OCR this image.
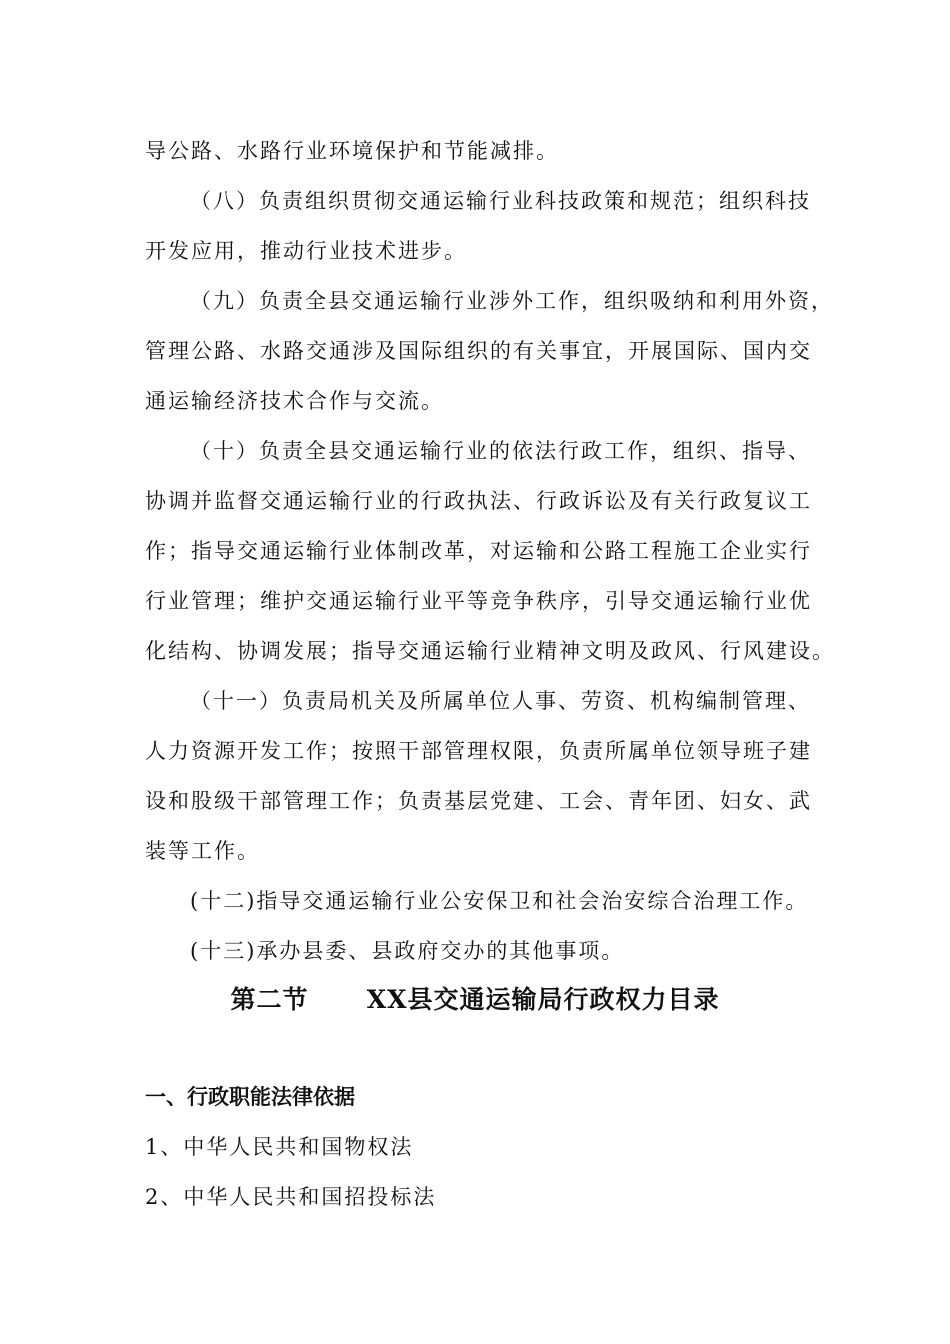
导公路、水路行业环境保护和节能减排。
（八）负责组织贯彻交通运输行业科技政策和规范；组织科技
开发应用，推动行业技术进步。
（九）负责全县交通运输行业涉外工作，组织吸纳和利用外资，
管理公路、水路交通涉及国际组织的有关事宜，开展国际、国内交
通运输经济技术合作与交流。
（十）负责全县交通运输行业的依法行政工作，组织、指导、
协调并监督交通运输行业的行政执法、行政诉讼及有关行政复议工
作；指导交通运输行业体制改革，对运输和公路工程施工企业实行
行业管理；维护交通运输行业平等竞争秩序，引导交通运输行业优
化结构、协调发展；指导交通运输行业精神文明及政风、行风建设。
（十一）负责局机关及所属单位人事、劳资、机构编制管理、
人力资源开发工作；按照干部管理权限，负责所属单位领导班子建
设和股级干部管理工作；负责基层党建、工会、青年团、妇女、武
装等工作。
(十二)指导交通运输行业公安保卫和社会治安综合治理工作。
(十三)承办县委、县政府交办的其他事项。
第二节      XX县交通运输局行政权力目录
一、行政职能法律依据
1、中华人民共和国物权法
2、中华人民共和国招投标法
